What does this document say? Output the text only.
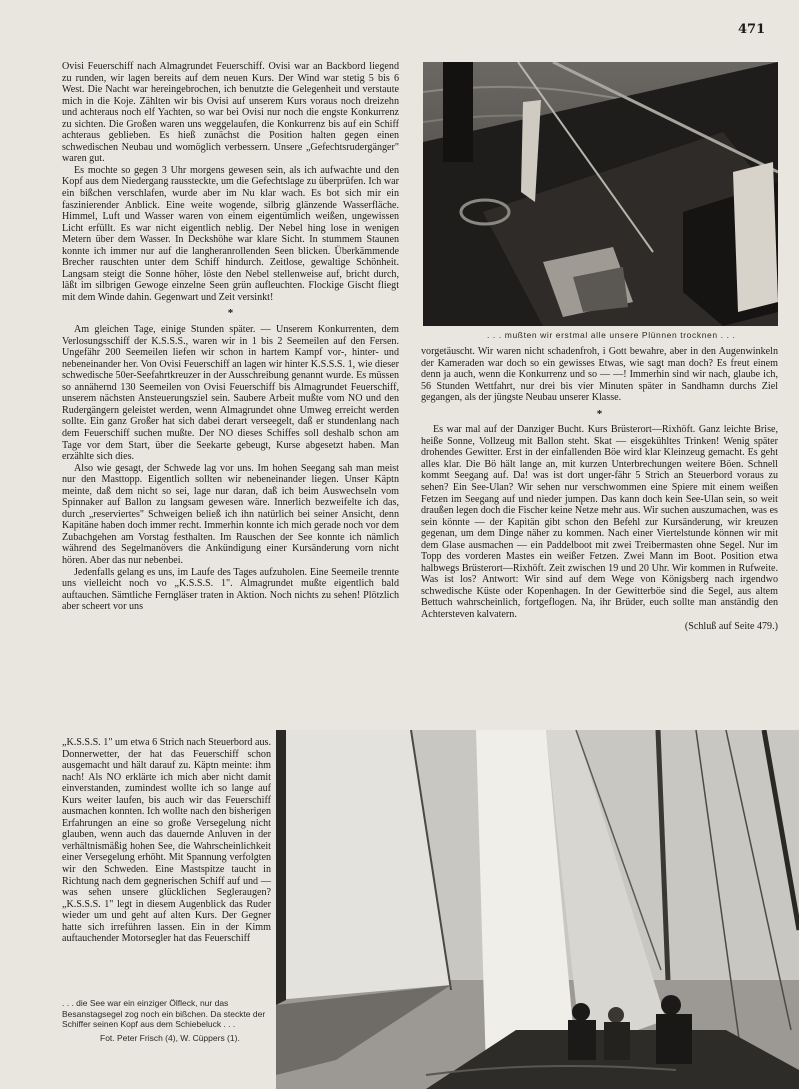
471

Ovisi Feuerschiff nach Almagrundet Feuerschiff. Ovisi war an Backbord liegend zu runden, wir lagen bereits auf dem neuen Kurs. Der Wind war stetig 5 bis 6 West. Die Nacht war hereingebrochen, ich benutzte die Gelegenheit und verstaute mich in die Koje. Zählten wir bis Ovisi auf unserem Kurs voraus noch dreizehn und achteraus noch elf Yachten, so war bei Ovisi nur noch die engste Konkurrenz zu sichten. Die Großen waren uns weggelaufen, die Konkurrenz bis auf ein Schiff achteraus geblieben. Es hieß zunächst die Position halten gegen einen schwedischen Neubau und womöglich verbessern. Unsere „Gefechtsrudergänger" waren gut.

Es mochte so gegen 3 Uhr morgens gewesen sein, als ich aufwachte und den Kopf aus dem Niedergang raussteckte, um die Gefechtslage zu überprüfen. Ich war ein bißchen verschlafen, wurde aber im Nu klar wach. Es bot sich mir ein faszinierender Anblick. Eine weite wogende, silbrig glänzende Wasserfläche. Himmel, Luft und Wasser waren von einem eigentümlich weißen, ungewissen Licht erfüllt. Es war nicht eigentlich neblig. Der Nebel hing lose in wenigen Metern über dem Wasser. In Deckshöhe war klare Sicht. In stummem Staunen konnte ich immer nur auf die langheranrollenden Seen blicken. Überkämmende Brecher rauschten unter dem Schiff hindurch. Zeitlose, gewaltige Schönheit. Langsam steigt die Sonne höher, löste den Nebel stellenweise auf, bricht durch, läßt im silbrigen Gewoge einzelne Seen grün aufleuchten. Flockige Gischt fliegt mit dem Winde dahin. Gegenwart und Zeit versinkt!

*

Am gleichen Tage, einige Stunden später. — Unserem Konkurrenten, dem Verlosungsschiff der K.S.S.S., waren wir in 1 bis 2 Seemeilen auf den Fersen. Ungefähr 200 Seemeilen liefen wir schon in hartem Kampf vor-, hinter- und nebeneinander her. Von Ovisi Feuerschiff an lagen wir hinter K.S.S.S. 1, wie dieser schwedische 50er-Seefahrtkreuzer in der Ausschreibung genannt wurde. Es müssen so annähernd 130 Seemeilen von Ovisi Feuerschiff bis Almagrundet Feuerschiff, unserem nächsten Ansteuerungsziel sein. Saubere Arbeit mußte vom NO und den Rudergängern geleistet werden, wenn Almagrundet ohne Umweg erreicht werden sollte. Ein ganz Großer hat sich dabei derart verseegelt, daß er stundenlang nach dem Feuerschiff suchen mußte. Der NO dieses Schiffes soll deshalb schon am Tage vor dem Start, über die Seekarte gebeugt, Kurse abgesetzt haben. Man erzählte sich dies.

Also wie gesagt, der Schwede lag vor uns. Im hohen Seegang sah man meist nur den Masttopp. Eigentlich sollten wir nebeneinander liegen. Unser Käptn meinte, daß dem nicht so sei, lage nur daran, daß ich beim Auswechseln vom Spinnaker auf Ballon zu langsam gewesen wäre. Innerlich bezweifelte ich das, durch „reserviertes" Schweigen beließ ich ihn natürlich bei seiner Ansicht, denn Kapitäne haben doch immer recht. Immerhin konnte ich mich gerade noch vor dem Zubachgehen am Vorstag festhalten. Im Rauschen der See konnte ich nämlich während des Segelmanövers die Ankündigung einer Kursänderung vorn nicht hören. Aber das nur nebenbei.

Jedenfalls gelang es uns, im Laufe des Tages aufzuholen. Eine Seemeile trennte uns vielleicht noch vo „K.S.S.S. 1". Almagrundet mußte eigentlich bald auftauchen. Sämtliche Ferngläser traten in Aktion. Noch nichts zu sehen! Plötzlich aber scheert vor uns

„K.S.S.S. 1" um etwa 6 Strich nach Steuerbord aus. Donnerwetter, der hat das Feuerschiff schon ausgemacht und hält darauf zu. Käptn meinte: ihm nach! Als NO erklärte ich mich aber nicht damit einverstanden, zumindest wollte ich so lange auf Kurs weiter laufen, bis auch wir das Feuerschiff ausmachen konnten. Ich wollte nach den bisherigen Erfahrungen an eine so große Versegelung nicht glauben, wenn auch das dauernde Anluven in der verhältnismäßig hohen See, die Wahrscheinlichkeit einer Versegelung erhöht. Mit Spannung verfolgten wir den Schweden. Eine Mastspitze taucht in Richtung nach dem gegnerischen Schiff auf und — was sehen unsere glücklichen Segleraugen? „K.S.S.S. 1" legt in diesem Augenblick das Ruder wieder um und geht auf alten Kurs. Der Gegner hatte sich irreführen lassen. Ein in der Kimm auftauchender Motorsegler hat das Feuerschiff

vorgetäuscht. Wir waren nicht schadenfroh, i Gott bewahre, aber in den Augenwinkeln der Kameraden war doch so ein gewisses Etwas, wie sagt man doch? Es freut einem denn ja auch, wenn die Konkurrenz und so — —! Immerhin sind wir nach, glaube ich, 56 Stunden Wettfahrt, nur drei bis vier Minuten später in Sandhamn durchs Ziel gegangen, als der jüngste Neubau unserer Klasse.

*

Es war mal auf der Danziger Bucht. Kurs Brüsterort—Rixhöft. Ganz leichte Brise, heiße Sonne, Vollzeug mit Ballon steht. Skat — eisgekühltes Trinken! Wenig später drohendes Gewitter. Erst in der einfallenden Böe wird klar Kleinzeug gemacht. Es geht alles klar. Die Bö hält lange an, mit kurzen Unterbrechungen weitere Böen. Schnell kommt Seegang auf. Da! was ist dort unger-fähr 5 Strich an Steuerbord voraus zu sehen? Ein See-Ulan? Wir sehen nur verschwommen eine Spiere mit einem weißen Fetzen im Seegang auf und nieder jumpen. Das kann doch kein See-Ulan sein, so weit draußen legen doch die Fischer keine Netze mehr aus. Wir suchen auszumachen, was es sein könnte — der Kapitän gibt schon den Befehl zur Kursänderung, wir kreuzen gegenan, um dem Dinge näher zu kommen. Nach einer Viertelstunde können wir mit dem Glase ausmachen — ein Paddelboot mit zwei Treibermasten ohne Segel. Nur im Topp des vorderen Mastes ein weißer Fetzen. Zwei Mann im Boot. Position etwa halbwegs Brüsterort—Rixhöft. Zeit zwischen 19 und 20 Uhr. Wir kommen in Rufweite. Was ist los? Antwort: Wir sind auf dem Wege von Königsberg nach irgendwo schwedische Küste oder Kopenhagen. In der Gewitterböe sind die Segel, aus altem Bettuch wahrscheinlich, fortgeflogen. Na, ihr Brüder, euch sollte man anständig den Achtersteven kalvatern.

(Schluß auf Seite 479.)

. . . mußten wir erstmal alle unsere Plünnen trocknen . . .
. . . die See war ein einziger Ölfleck, nur das Besanstagsegel zog noch ein bißchen. Da steckte der Schiffer seinen Kopf aus dem Schiebeluck . . .
Fot. Peter Frisch (4), W. Cüppers (1).
